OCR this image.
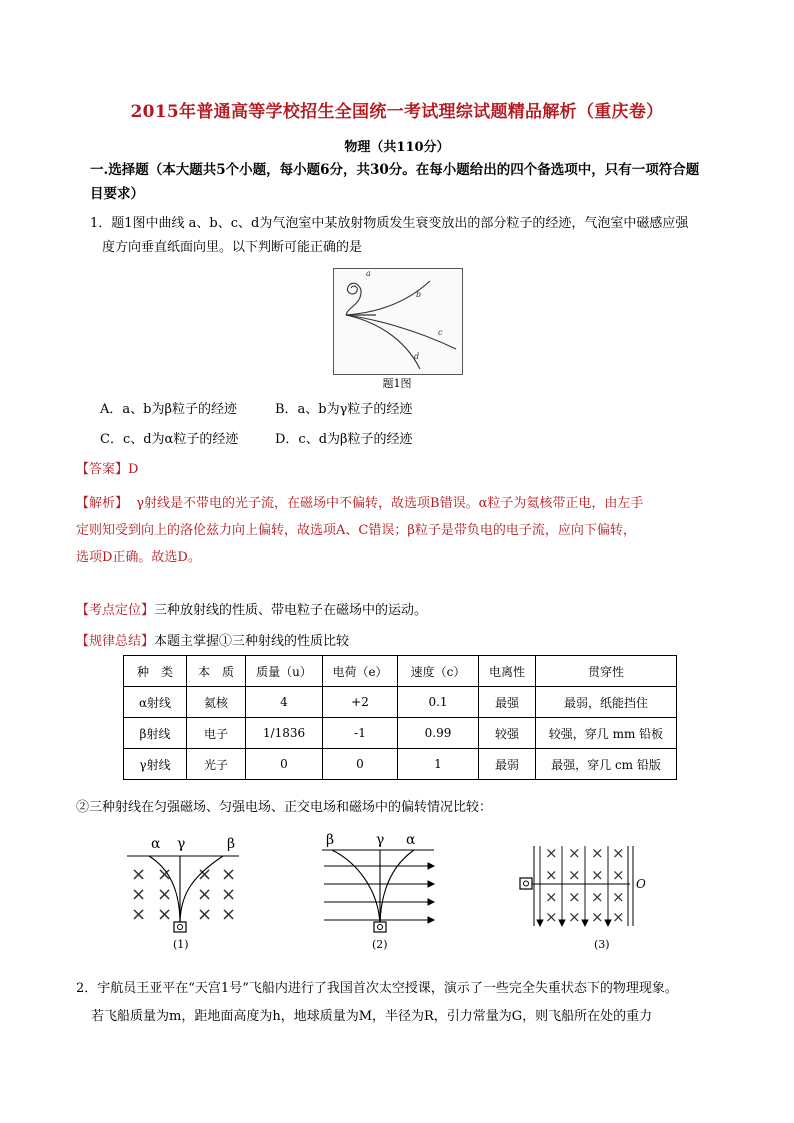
2015年普通高等学校招生全国统一考试理综试题精品解析（重庆卷）
物理（共110分）
一.选择题（本大题共5个小题，每小题6分，共30分。在每小题给出的四个备选项中，只有一项符合题
目要求）
1．题1图中曲线 a、b、c、d为气泡室中某放射物质发生衰变放出的部分粒子的经迹，气泡室中磁感应强
度方向垂直纸面向里。以下判断可能正确的是
a
b
c
d
题1图
A．a、b为β粒子的经迹	B．a、b为γ粒子的经迹
C．c、d为α粒子的经迹	D．c、d为β粒子的经迹
【答案】D
【解析】 γ射线是不带电的光子流，在磁场中不偏转，故选项B错误。α粒子为氦核带正电，由左手
定则知受到向上的洛伦兹力向上偏转，故选项A、C错误；β粒子是带负电的电子流，应向下偏转，
选项D正确。故选D。
【考点定位】三种放射线的性质、带电粒子在磁场中的运动。
【规律总结】本题主掌握①三种射线的性质比较
种　类	本　质	质量（u）	电荷（e）	速度（c）	电离性	贯穿性
α射线	氦核	4	+2	0.1	最强	最弱，纸能挡住
β射线	电子	1/1836	-1	0.99	较强	较强，穿几 mm 铅板
γ射线	光子	0	0	1	最弱	最强，穿几 cm 铅版
②三种射线在匀强磁场、匀强电场、正交电场和磁场中的偏转情况比较：
× × × ×
× × × ×
× × × ×
α γ	β
(1)
β	γ α
(2)
× × × ×
× × × ×
× × × ×
× × × ×
O
(3)
2．宇航员王亚平在“天宫1号”飞船内进行了我国首次太空授课，演示了一些完全失重状态下的物理现象。
若飞船质量为m，距地面高度为h，地球质量为M，半径为R，引力常量为G，则飞船所在处的重力
